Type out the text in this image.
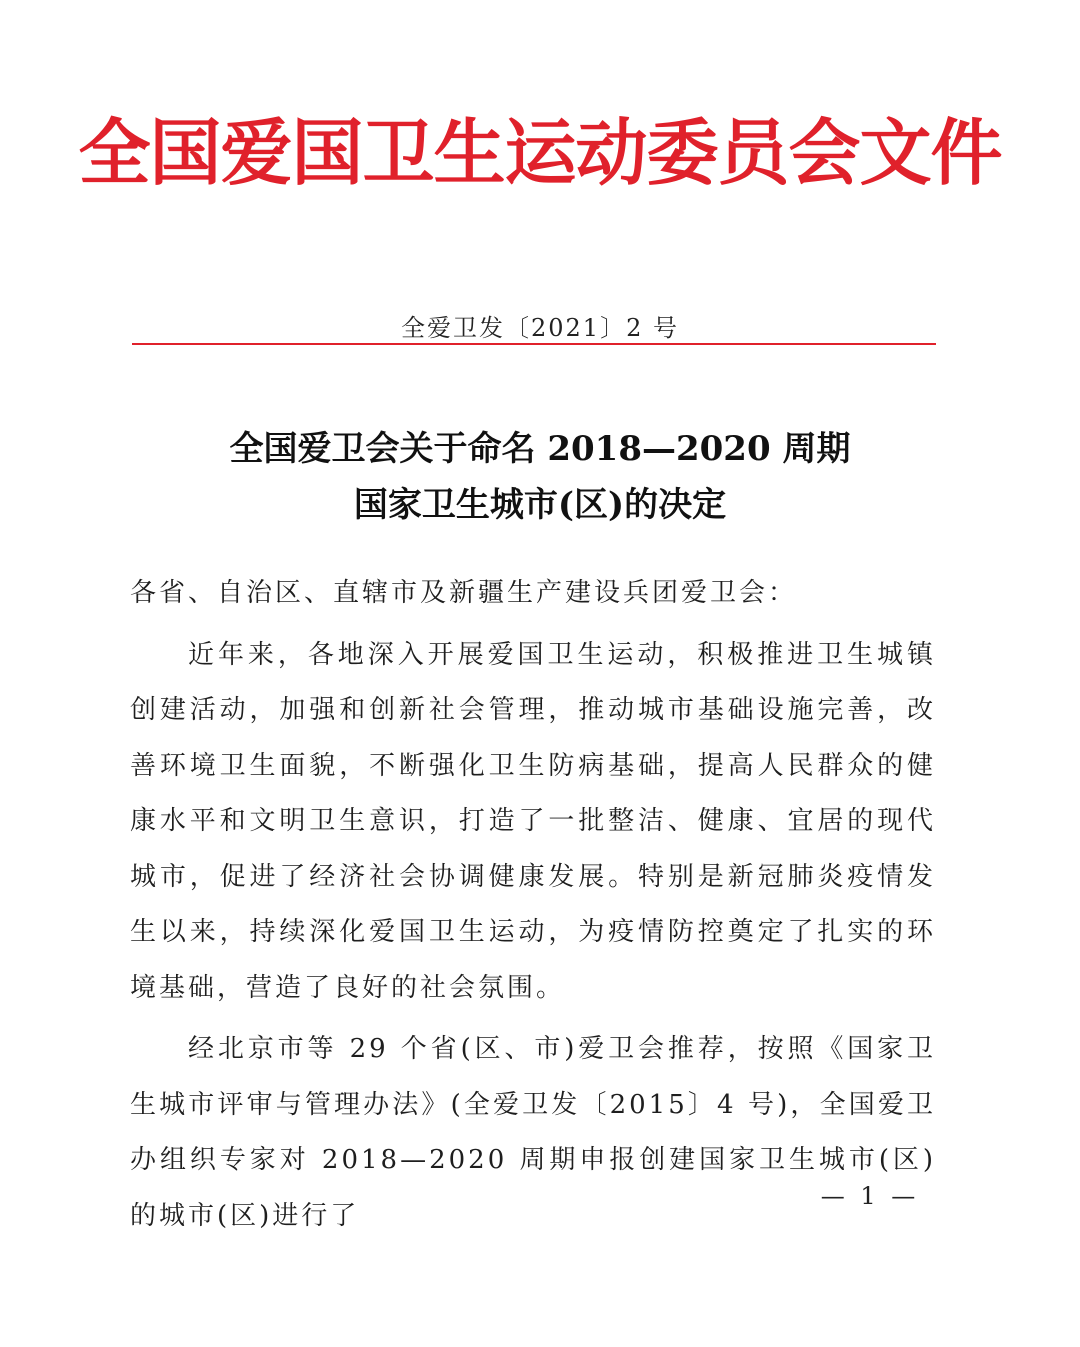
全国爱国卫生运动委员会文件
全爱卫发〔2021〕2 号
全国爱卫会关于命名 2018—2020 周期
国家卫生城市(区)的决定

各省、自治区、直辖市及新疆生产建设兵团爱卫会：

近年来，各地深入开展爱国卫生运动，积极推进卫生城镇创建活动，加强和创新社会管理，推动城市基础设施完善，改善环境卫生面貌，不断强化卫生防病基础，提高人民群众的健康水平和文明卫生意识，打造了一批整洁、健康、宜居的现代城市，促进了经济社会协调健康发展。特别是新冠肺炎疫情发生以来，持续深化爱国卫生运动，为疫情防控奠定了扎实的环境基础，营造了良好的社会氛围。

经北京市等 29 个省(区、市)爱卫会推荐，按照《国家卫生城市评审与管理办法》(全爱卫发〔2015〕4 号)，全国爱卫办组织专家对 2018—2020 周期申报创建国家卫生城市(区)的城市(区)进行了

— 1 —
